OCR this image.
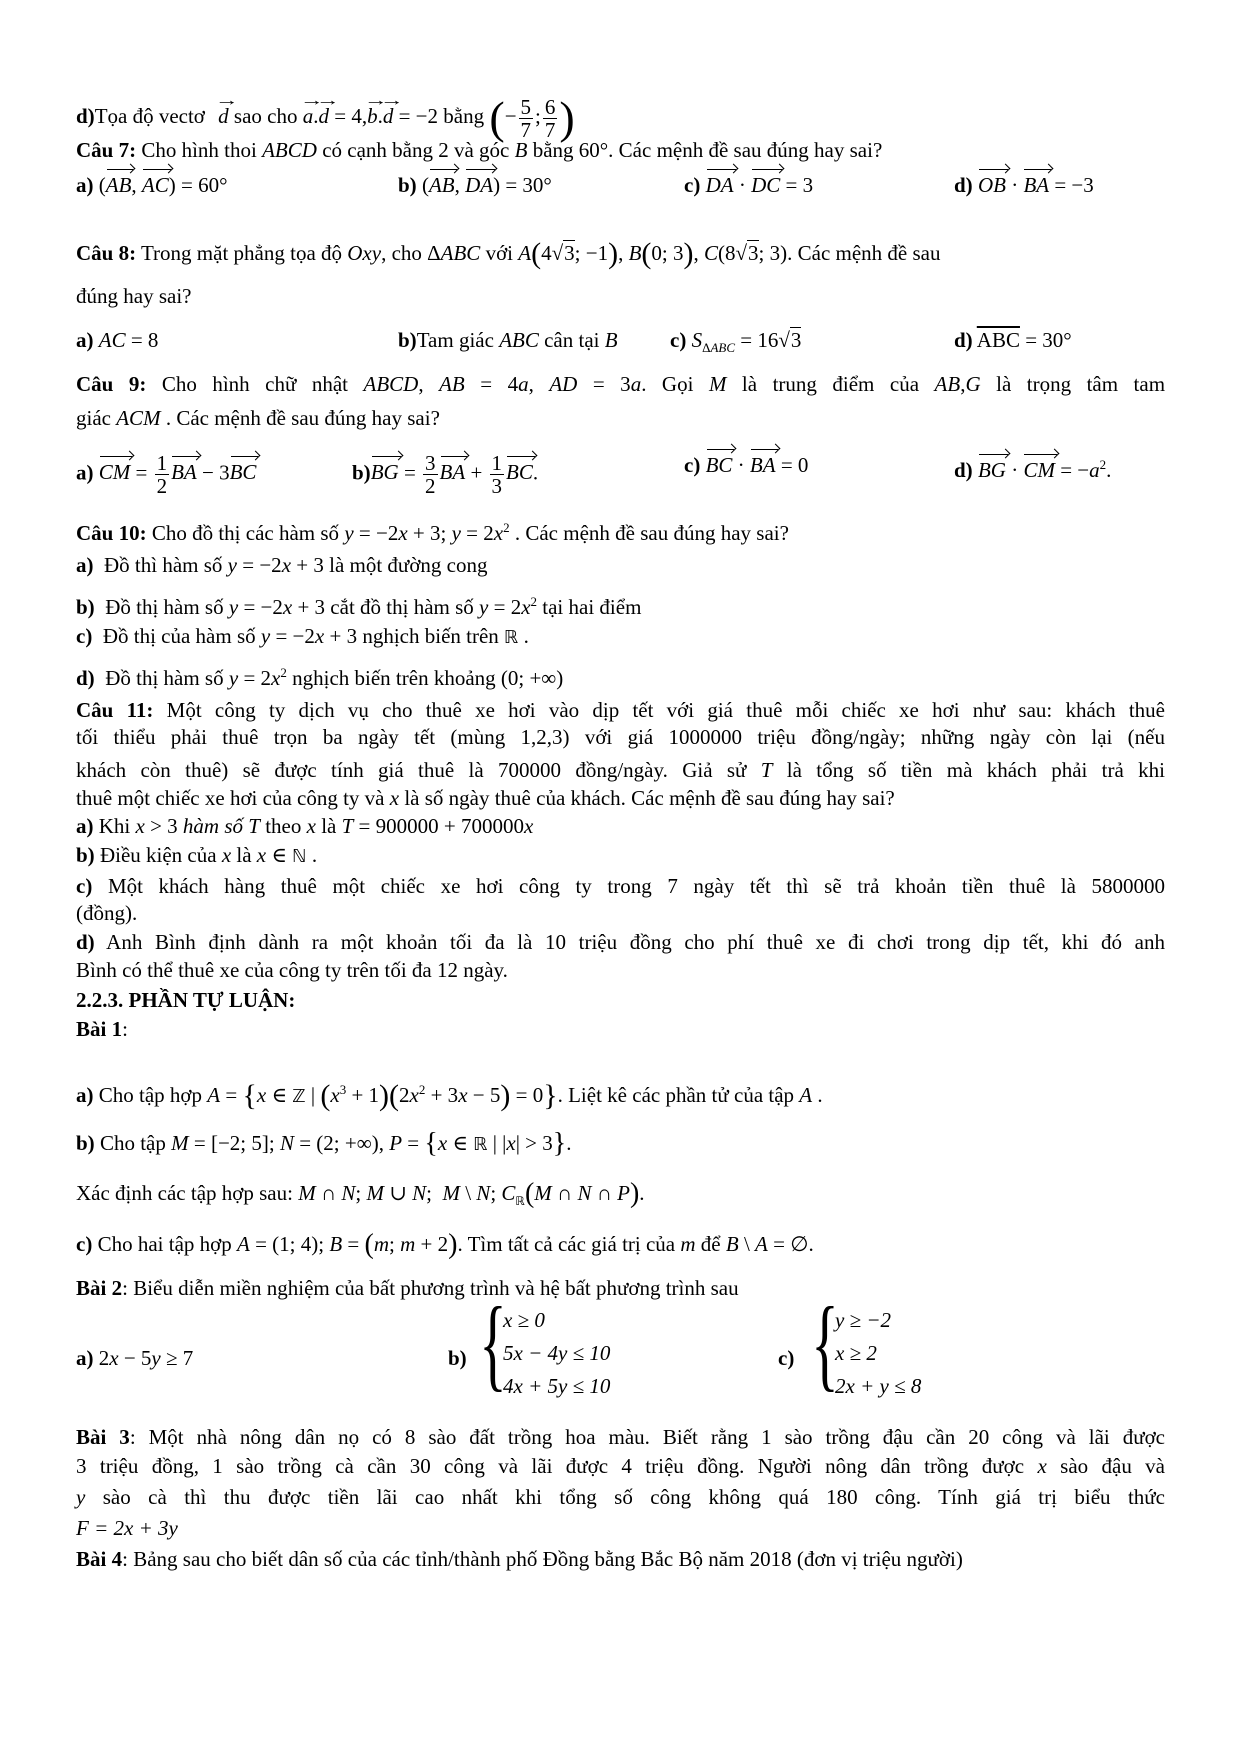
d)Tọa độ vectơ → d sao cho → a.→ d = 4,→ b.→ d = −2 bằng (− $\frac{5}{7}$ ; $\frac{6}{7}$ )
Câu 7: Cho hình thoi ABCD có cạnh bằng 2 và góc B bằng 60°. Các mệnh đề sau đúng hay sai?
a) (AB, AC) = 60°	b) (AB, DA) = 30°	c) DA · DC = 3	d) OB · BA = −3
Câu 8: Trong mặt phẳng tọa độ Oxy, cho ΔABC với A(4√3; −1), B(0; 3), C(8√3; 3). Các mệnh đề sau
đúng hay sai?
a) AC = 8	b)Tam giác ABC cân tại B c) $S_{\Delta ABC} = 16√3$	d) $\overline{ABC} = 30^\circ$
Câu 9: Cho hình chữ nhật ABCD, AB = 4a, AD = 3a. Gọi M là trung điểm của AB,G là trọng tâm tam
giác ACM . Các mệnh đề sau đúng hay sai?
a) CM = $\frac{1}{2}$ BA − 3BC	$b)BG = \frac{3}{2}$ BA + $\frac{1}{3}$ BC.	c) BC · BA = 0	d) BG · CM = $-a^2$.
Câu 10: Cho đồ thị các hàm số y = −2x + 3; $y = 2x^2$ . Các mệnh đề sau đúng hay sai?
a)  Đồ thì hàm số y = −2x + 3 là một đường cong
b)  Đồ thị hàm số y = −2x + 3 cắt đồ thị hàm số $y = 2x^2$ tại hai điểm
c)  Đồ thị của hàm số y = −2x + 3 nghịch biến trên ℝ .
d)  Đồ thị hàm số $y = 2x^2$ nghịch biến trên khoảng (0; +∞)
Câu 11: Một công ty dịch vụ cho thuê xe hơi vào dịp tết với giá thuê mỗi chiếc xe hơi như sau: khách thuê
tối thiểu phải thuê trọn ba ngày tết (mùng 1,2,3) với giá 1000000 triệu đồng/ngày; những ngày còn lại (nếu
khách còn thuê) sẽ được tính giá thuê là 700000 đồng/ngày. Giả sử T là tổng số tiền mà khách phải trả khi
thuê một chiếc xe hơi của công ty và x là số ngày thuê của khách. Các mệnh đề sau đúng hay sai?
a) Khi x > 3 hàm số T theo x là T = 900000 + 700000x
b) Điều kiện của x là x ∈ ℕ .
c) Một khách hàng thuê một chiếc xe hơi công ty trong 7 ngày tết thì sẽ trả khoản tiền thuê là 5800000
(đồng).
d) Anh Bình định dành ra một khoản tối đa là 10 triệu đồng cho phí thuê xe đi chơi trong dịp tết, khi đó anh
Bình có thể thuê xe của công ty trên tối đa 12 ngày.
2.2.3. PHẦN TỰ LUẬN:
Bài 1:
a) Cho tập hợp A = {x ∈ ℤ | $(x^3 + 1)(2x^2 + 3x - 5) = 0$}. Liệt kê các phần tử của tập A .
b) Cho tập M = [−2; 5]; N = (2; +∞), P = {x ∈ ℝ | |x| > 3}.
Xác định các tập hợp sau: M ∩ N; M ∪ N;  M \ N; $C_ℝ(M$ ∩ N ∩ P).
c) Cho hai tập hợp A = (1; 4); B = (m; m + 2). Tìm tất cả các giá trị của m để B \ A = ∅.
Bài 2: Biểu diễn miền nghiệm của bất phương trình và hệ bất phương trình sau
a) 2x − 5y ≥ 7	b) {
x ≥ 0
5x − 4y ≤ 10
4x + 5y ≤ 10
c) {
y ≥ −2
x ≥ 2
2x + y ≤ 8
Bài 3: Một nhà nông dân nọ có 8 sào đất trồng hoa màu. Biết rằng 1 sào trồng đậu cần 20 công và lãi được
3 triệu đồng, 1 sào trồng cà cần 30 công và lãi được 4 triệu đồng. Người nông dân trồng được x sào đậu và
y sào cà thì thu được tiền lãi cao nhất khi tổng số công không quá 180 công. Tính giá trị biểu thức
F = 2x + 3y
Bài 4: Bảng sau cho biết dân số của các tỉnh/thành phố Đồng bằng Bắc Bộ năm 2018 (đơn vị triệu người)
